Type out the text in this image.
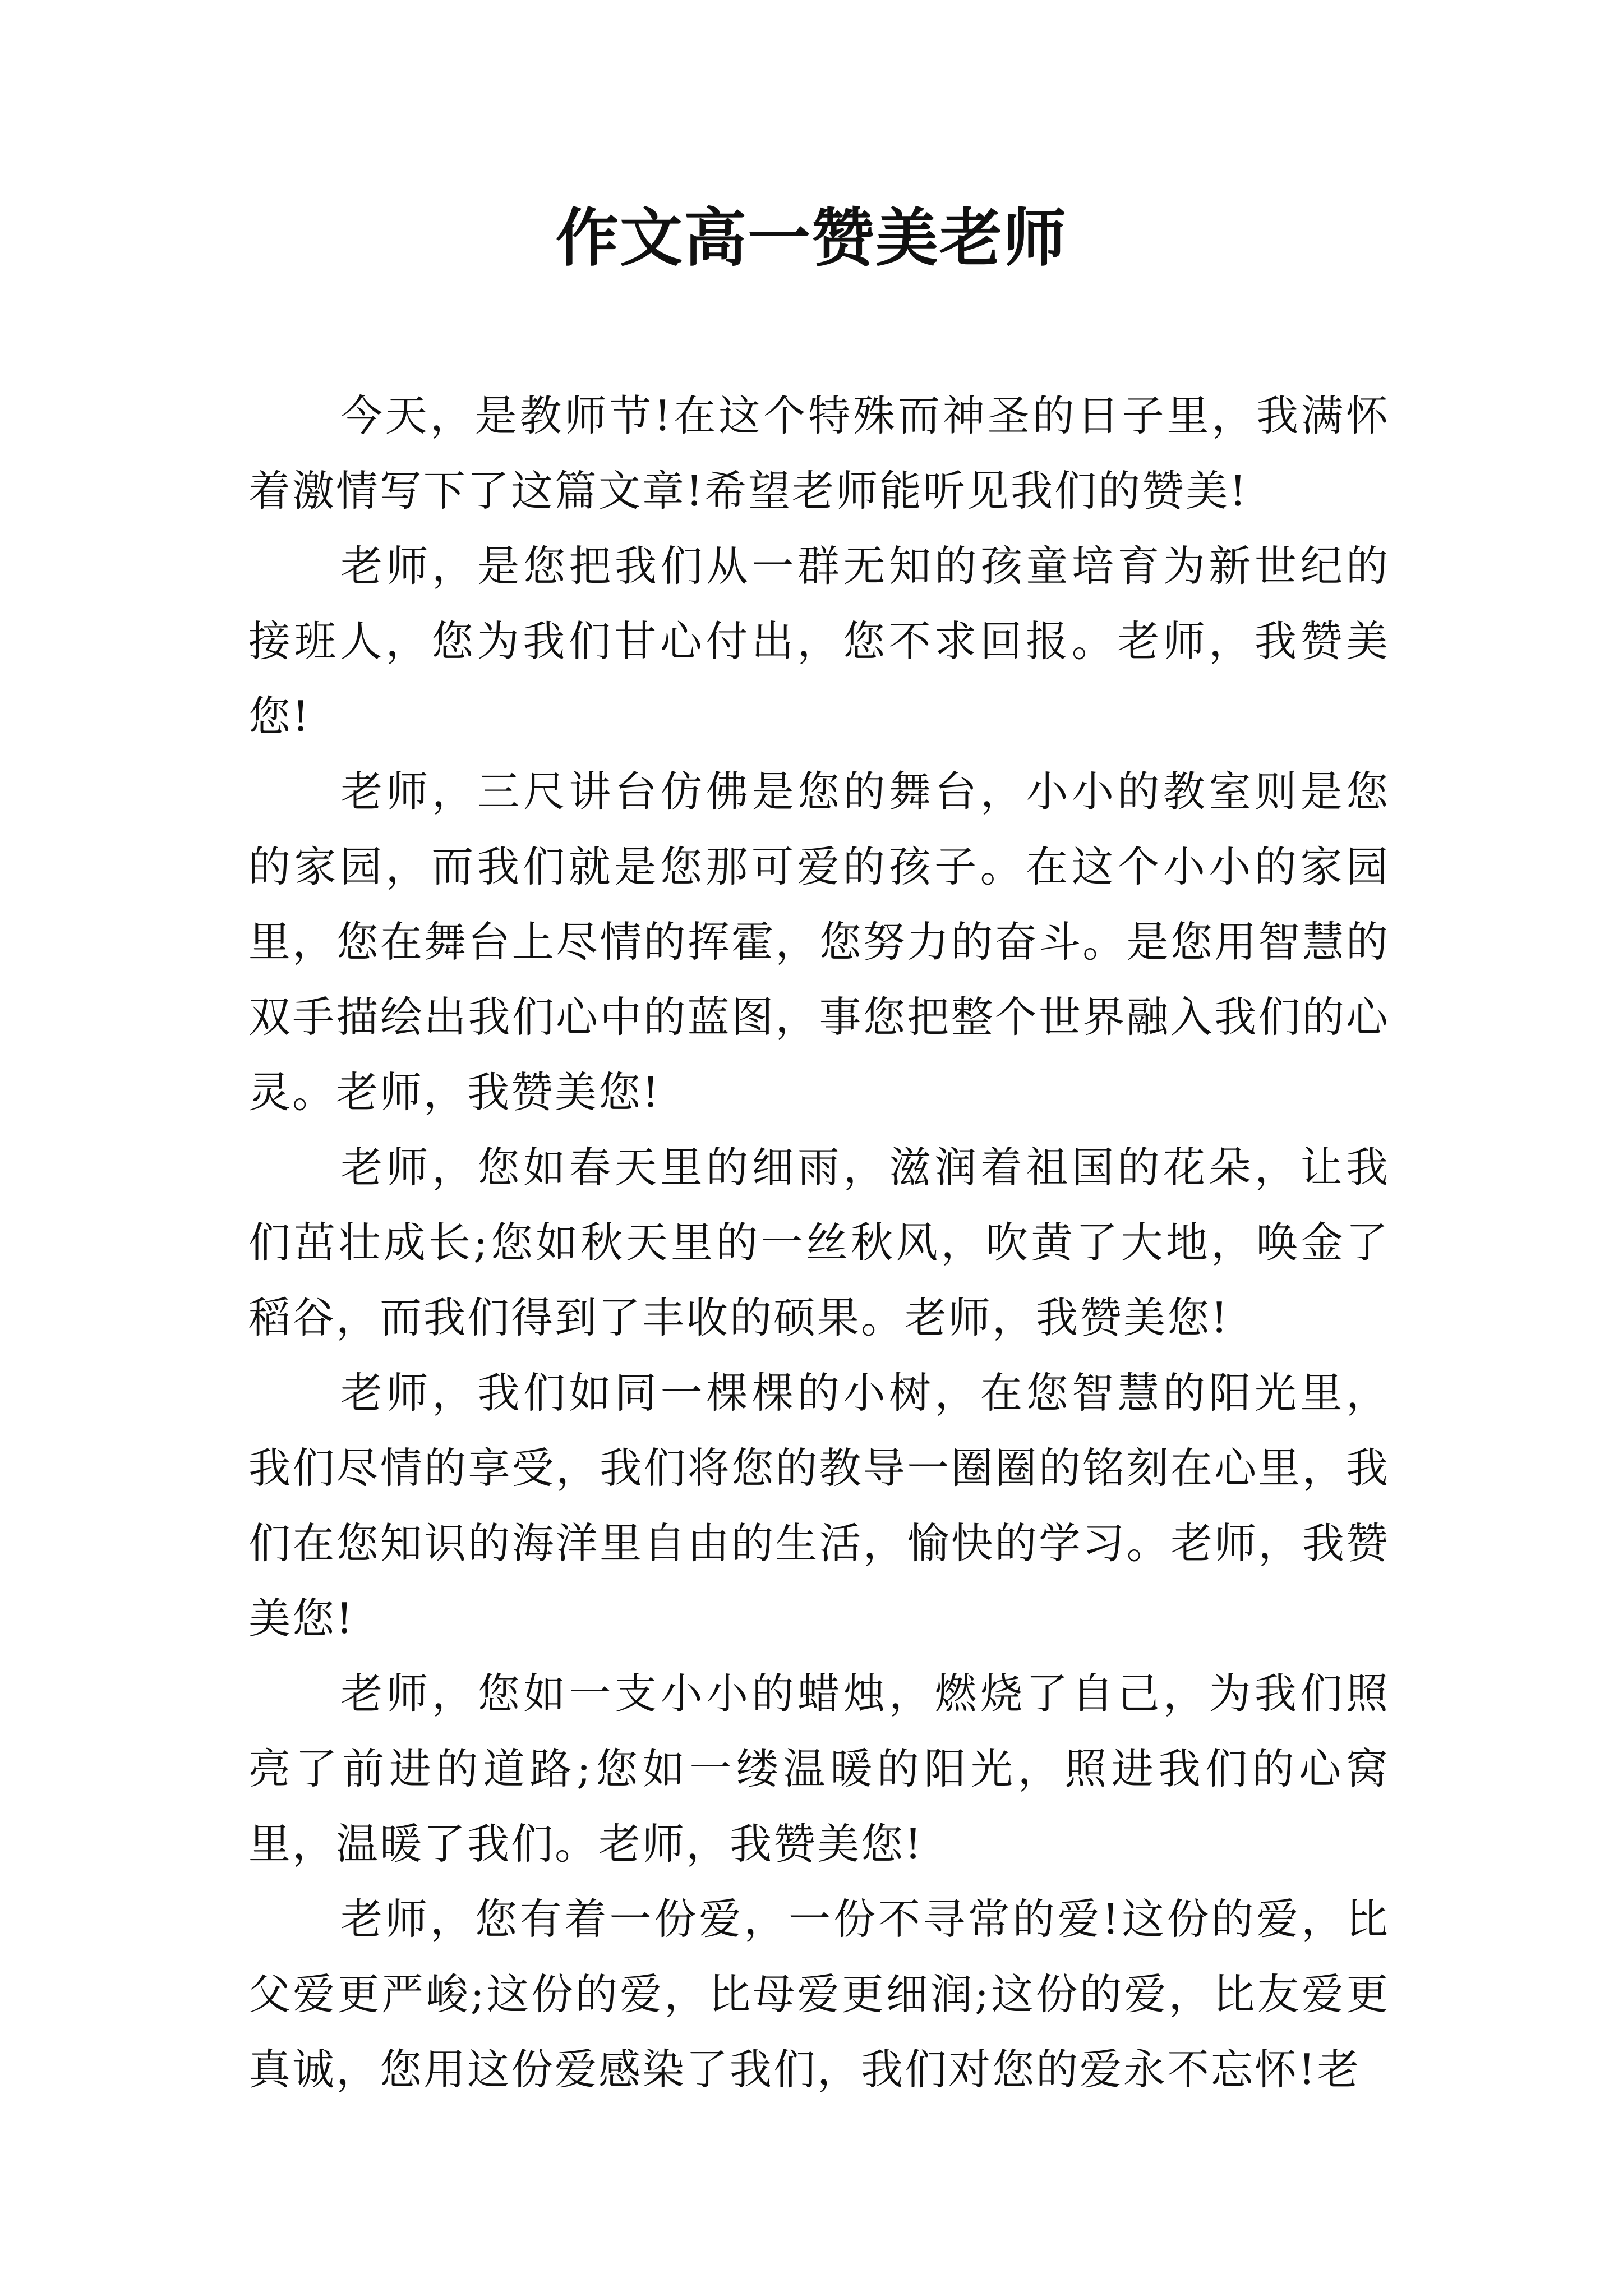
作文高一赞美老师

今天，是教师节!在这个特殊而神圣的日子里，我满怀着激情写下了这篇文章!希望老师能听见我们的赞美!

老师，是您把我们从一群无知的孩童培育为新世纪的接班人，您为我们甘心付出，您不求回报。老师，我赞美您!

老师，三尺讲台仿佛是您的舞台，小小的教室则是您的家园，而我们就是您那可爱的孩子。在这个小小的家园里，您在舞台上尽情的挥霍，您努力的奋斗。是您用智慧的双手描绘出我们心中的蓝图，事您把整个世界融入我们的心灵。老师，我赞美您!

老师，您如春天里的细雨，滋润着祖国的花朵，让我们茁壮成长;您如秋天里的一丝秋风，吹黄了大地，唤金了稻谷，而我们得到了丰收的硕果。老师，我赞美您!

老师，我们如同一棵棵的小树，在您智慧的阳光里，我们尽情的享受，我们将您的教导一圈圈的铭刻在心里，我们在您知识的海洋里自由的生活，愉快的学习。老师，我赞美您!

老师，您如一支小小的蜡烛，燃烧了自己，为我们照亮了前进的道路;您如一缕温暖的阳光，照进我们的心窝里，温暖了我们。老师，我赞美您!

老师，您有着一份爱，一份不寻常的爱!这份的爱，比父爱更严峻;这份的爱，比母爱更细润;这份的爱，比友爱更真诚，您用这份爱感染了我们，我们对您的爱永不忘怀!老
